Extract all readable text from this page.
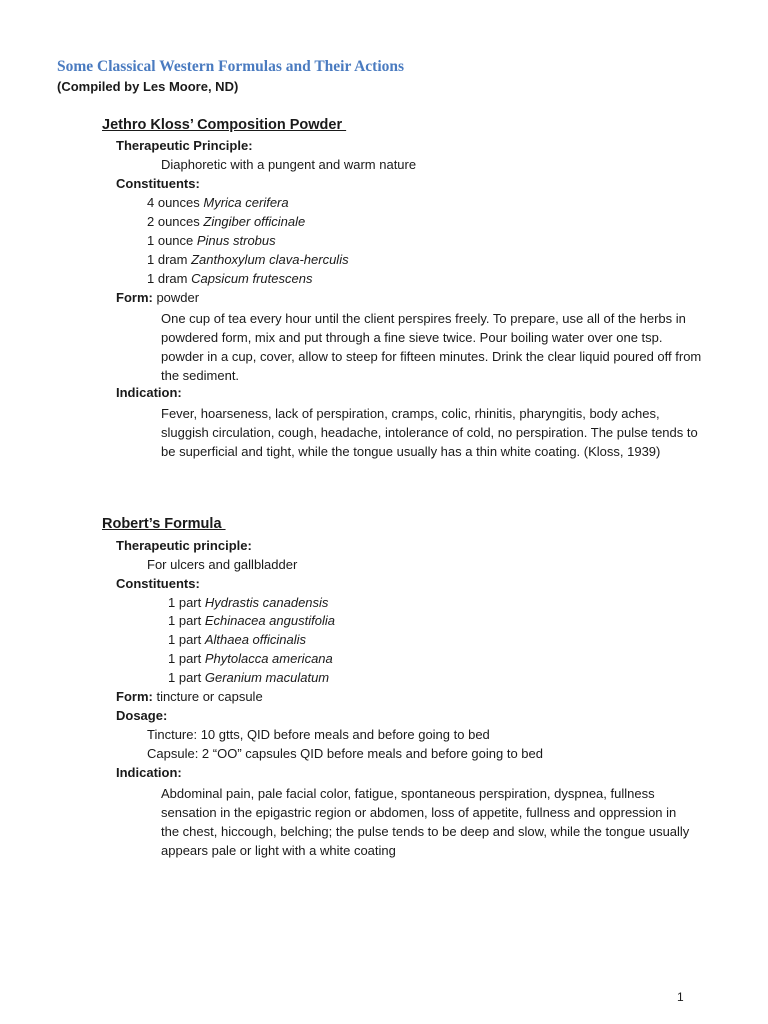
Some Classical Western Formulas and Their Actions
(Compiled by Les Moore, ND)
Jethro Kloss’ Composition Powder
Therapeutic Principle:
Diaphoretic with a pungent and warm nature
Constituents:
4 ounces Myrica cerifera
2 ounces Zingiber officinale
1 ounce Pinus strobus
1 dram Zanthoxylum clava-herculis
1 dram Capsicum frutescens
Form: powder
One cup of tea every hour until the client perspires freely. To prepare, use all of the herbs in powdered form, mix and put through a fine sieve twice. Pour boiling water over one tsp. powder in a cup, cover, allow to steep for fifteen minutes. Drink the clear liquid poured off from the sediment.
Indication:
Fever, hoarseness, lack of perspiration, cramps, colic, rhinitis, pharyngitis, body aches, sluggish circulation, cough, headache, intolerance of cold, no perspiration. The pulse tends to be superficial and tight, while the tongue usually has a thin white coating. (Kloss, 1939)
Robert’s Formula
Therapeutic principle:
For ulcers and gallbladder
Constituents:
1 part Hydrastis canadensis
1 part Echinacea angustifolia
1 part Althaea officinalis
1 part Phytolacca americana
1 part Geranium maculatum
Form: tincture or capsule
Dosage:
Tincture: 10 gtts, QID before meals and before going to bed
Capsule: 2 “OO” capsules QID before meals and before going to bed
Indication:
Abdominal pain, pale facial color, fatigue, spontaneous perspiration, dyspnea, fullness sensation in the epigastric region or abdomen, loss of appetite, fullness and oppression in the chest, hiccough, belching; the pulse tends to be deep and slow, while the tongue usually appears pale or light with a white coating
1
